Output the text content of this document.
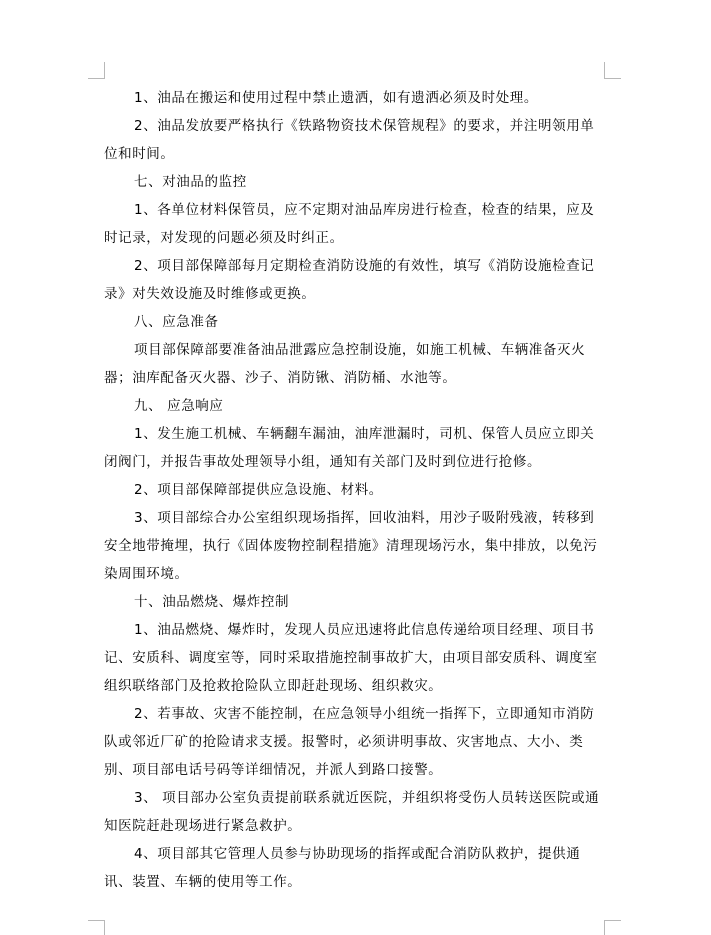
1、油品在搬运和使用过程中禁止遗洒，如有遗洒必须及时处理。

2、油品发放要严格执行《铁路物资技术保管规程》的要求，并注明领用单位和时间。

七、对油品的监控

1、各单位材料保管员，应不定期对油品库房进行检查，检查的结果，应及时记录，对发现的问题必须及时纠正。

2、项目部保障部每月定期检查消防设施的有效性，填写《消防设施检查记录》对失效设施及时维修或更换。

八、应急准备

项目部保障部要准备油品泄露应急控制设施，如施工机械、车辆准备灭火器；油库配备灭火器、沙子、消防锹、消防桶、水池等。

九、 应急响应

1、发生施工机械、车辆翻车漏油，油库泄漏时，司机、保管人员应立即关闭阀门，并报告事故处理领导小组，通知有关部门及时到位进行抢修。

2、项目部保障部提供应急设施、材料。

3、项目部综合办公室组织现场指挥，回收油料，用沙子吸附残液，转移到安全地带掩埋，执行《固体废物控制程措施》清理现场污水，集中排放，以免污染周围环境。

十、油品燃烧、爆炸控制

1、油品燃烧、爆炸时，发现人员应迅速将此信息传递给项目经理、项目书记、安质科、调度室等，同时采取措施控制事故扩大，由项目部安质科、调度室组织联络部门及抢救抢险队立即赶赴现场、组织救灾。

2、若事故、灾害不能控制，在应急领导小组统一指挥下，立即通知市消防队或邻近厂矿的抢险请求支援。报警时，必须讲明事故、灾害地点、大小、类别、项目部电话号码等详细情况，并派人到路口接警。

3、 项目部办公室负责提前联系就近医院，并组织将受伤人员转送医院或通知医院赶赴现场进行紧急救护。

4、项目部其它管理人员参与协助现场的指挥或配合消防队救护，提供通讯、装置、车辆的使用等工作。
